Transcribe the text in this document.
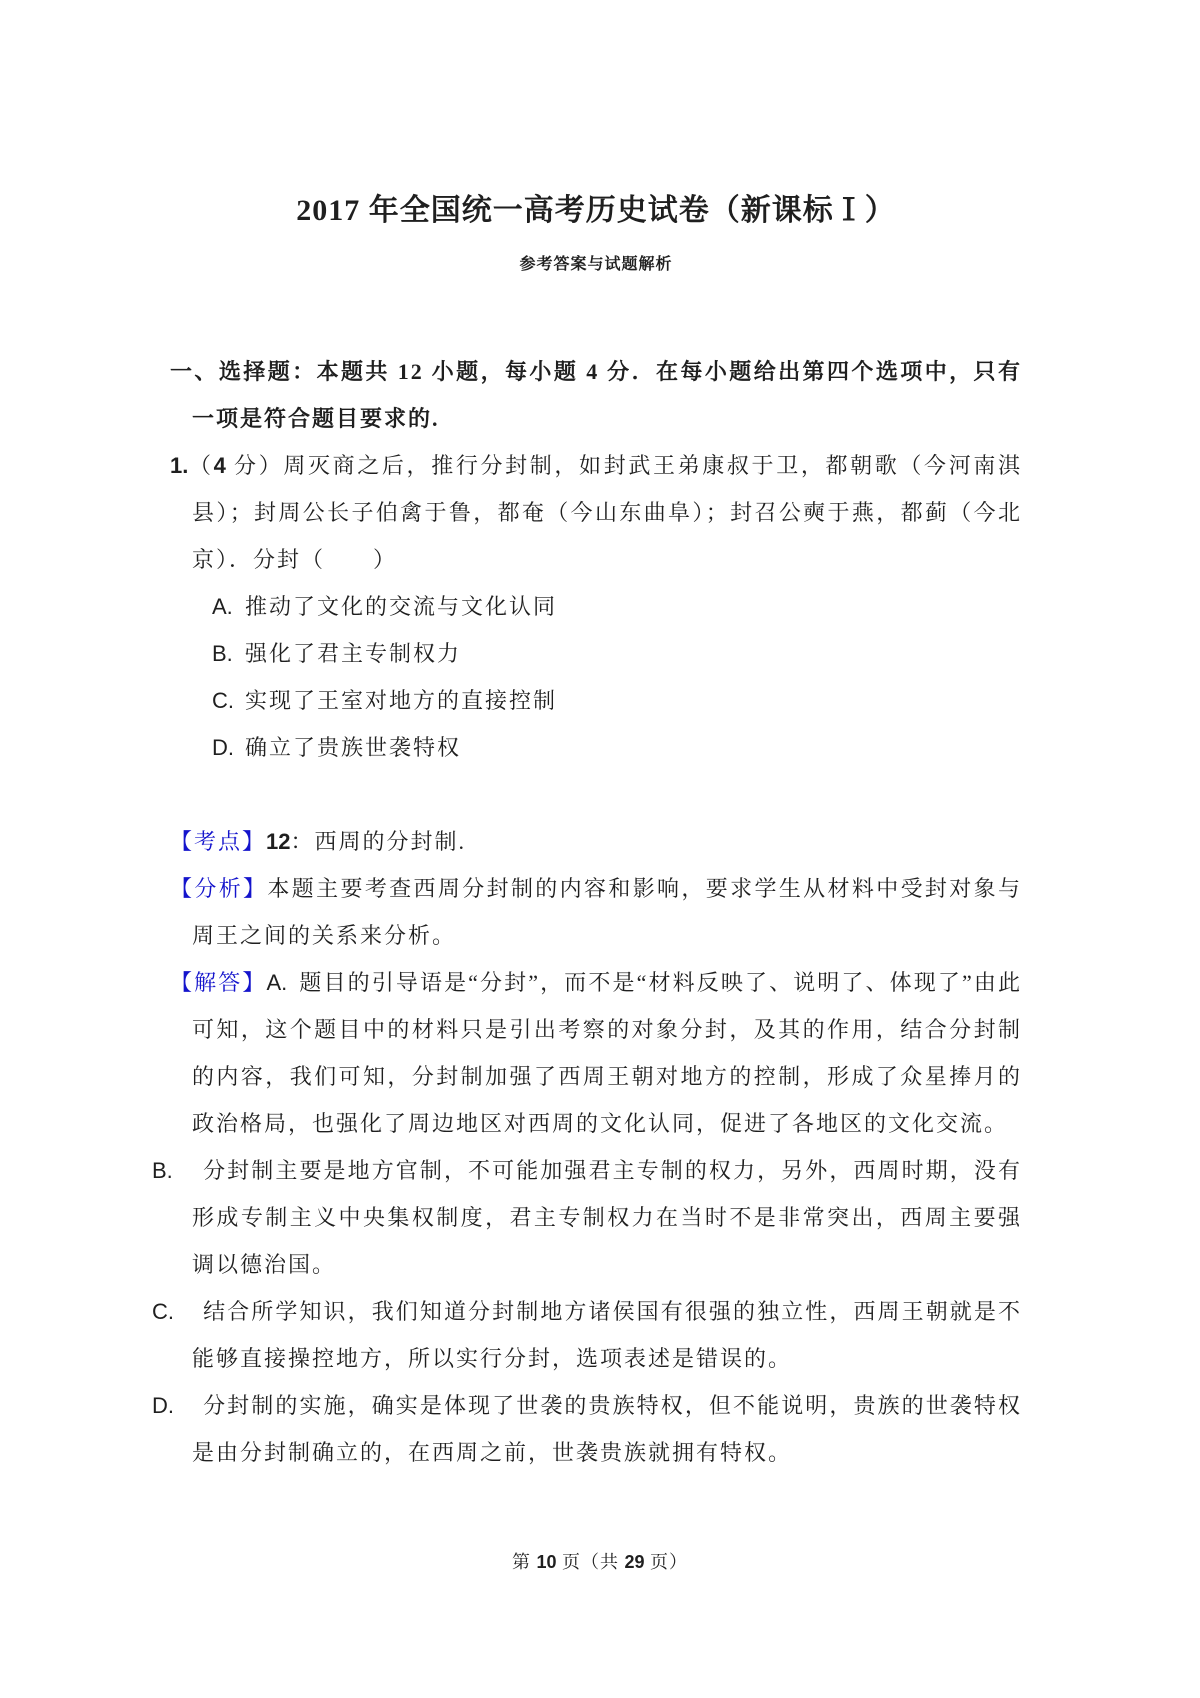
2017 年全国统一高考历史试卷（新课标Ⅰ）
参考答案与试题解析

一、选择题：本题共 12 小题，每小题 4 分．在每小题给出第四个选项中，只有一项是符合题目要求的.

1.（4 分）周灭商之后，推行分封制，如封武王弟康叔于卫，都朝歌（今河南淇县）；封周公长子伯禽于鲁，都奄（今山东曲阜）；封召公奭于燕，都蓟（今北京）．分封（　　）

A. 推动了文化的交流与文化认同
B. 强化了君主专制权力
C. 实现了王室对地方的直接控制
D. 确立了贵族世袭特权

【考点】12：西周的分封制.

【分析】本题主要考查西周分封制的内容和影响，要求学生从材料中受封对象与周王之间的关系来分析。

【解答】A. 题目的引导语是“分封”，而不是“材料反映了、说明了、体现了”由此可知，这个题目中的材料只是引出考察的对象分封，及其的作用，结合分封制的内容，我们可知，分封制加强了西周王朝对地方的控制，形成了众星捧月的政治格局，也强化了周边地区对西周的文化认同，促进了各地区的文化交流。

B. 分封制主要是地方官制，不可能加强君主专制的权力，另外，西周时期，没有形成专制主义中央集权制度，君主专制权力在当时不是非常突出，西周主要强调以德治国。

C. 结合所学知识，我们知道分封制地方诸侯国有很强的独立性，西周王朝就是不能够直接操控地方，所以实行分封，选项表述是错误的。

D. 分封制的实施，确实是体现了世袭的贵族特权，但不能说明，贵族的世袭特权是由分封制确立的，在西周之前，世袭贵族就拥有特权。

第 10 页（共 29 页）
